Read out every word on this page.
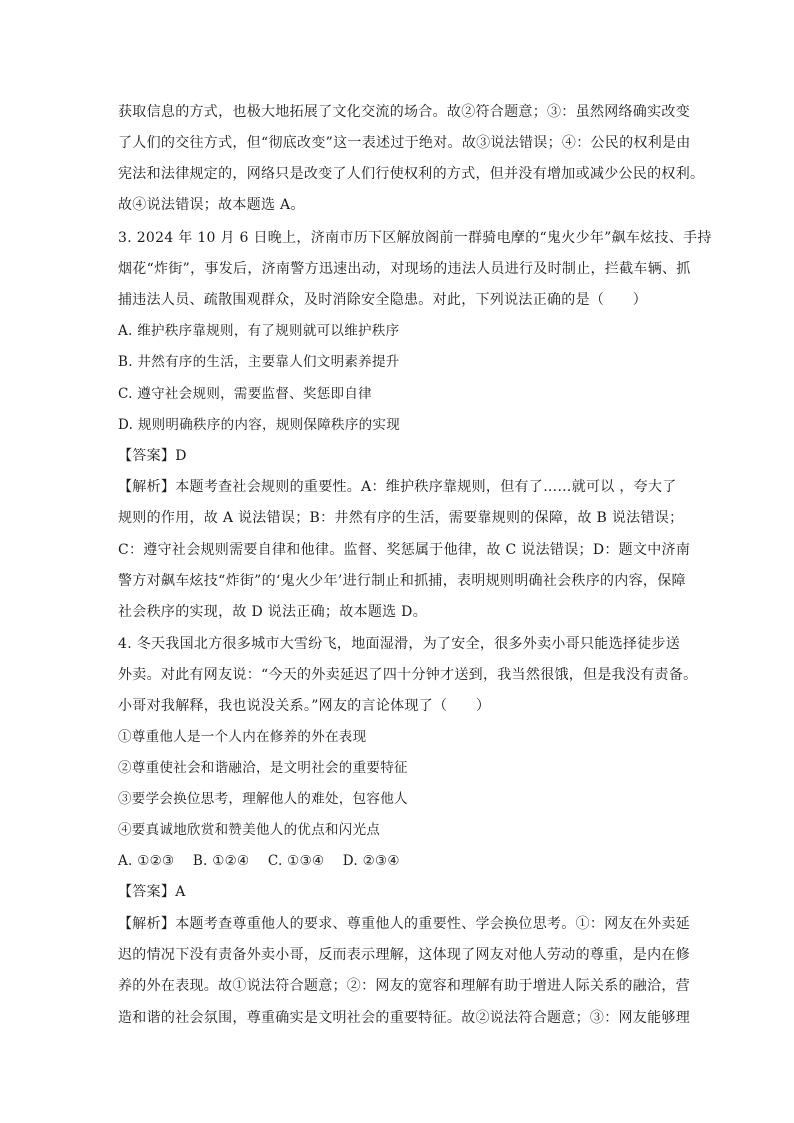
获取信息的方式，也极大地拓展了文化交流的场合。故②符合题意；③：虽然网络确实改变
了人们的交往方式，但“彻底改变”这一表述过于绝对。故③说法错误；④：公民的权利是由
宪法和法律规定的，网络只是改变了人们行使权利的方式，但并没有增加或减少公民的权利。
故④说法错误；故本题选 A。
3. 2024 年 10 月 6 日晚上，济南市历下区解放阁前一群骑电摩的“鬼火少年”飙车炫技、手持
烟花“炸街”，事发后，济南警方迅速出动，对现场的违法人员进行及时制止，拦截车辆、抓
捕违法人员、疏散围观群众，及时消除安全隐患。对此，下列说法正确的是（　　）
A. 维护秩序靠规则，有了规则就可以维护秩序
B. 井然有序的生活，主要靠人们文明素养提升
C. 遵守社会规则，需要监督、奖惩即自律
D. 规则明确秩序的内容，规则保障秩序的实现
【答案】D
【解析】本题考查社会规则的重要性。A：维护秩序靠规则，但有了……就可以 ，夸大了
规则的作用，故 A 说法错误；B：井然有序的生活，需要靠规则的保障，故 B 说法错误；
C：遵守社会规则需要自律和他律。监督、奖惩属于他律，故 C 说法错误；D：题文中济南
警方对飙车炫技“炸街”的‘鬼火少年’进行制止和抓捕，表明规则明确社会秩序的内容，保障
社会秩序的实现，故 D 说法正确；故本题选 D。
4. 冬天我国北方很多城市大雪纷飞，地面湿滑，为了安全，很多外卖小哥只能选择徒步送
外卖。对此有网友说：“今天的外卖延迟了四十分钟才送到，我当然很饿，但是我没有责备。
小哥对我解释，我也说没关系。”网友的言论体现了（　　）
①尊重他人是一个人内在修养的外在表现
②尊重使社会和谐融洽，是文明社会的重要特征
③要学会换位思考，理解他人的难处，包容他人
④要真诚地欣赏和赞美他人的优点和闪光点
A. ①②③　 B. ①②④　 C. ①③④　 D. ②③④
【答案】A
【解析】本题考查尊重他人的要求、尊重他人的重要性、学会换位思考。①：网友在外卖延
迟的情况下没有责备外卖小哥，反而表示理解，这体现了网友对他人劳动的尊重，是内在修
养的外在表现。故①说法符合题意；②：网友的宽容和理解有助于增进人际关系的融洽，营
造和谐的社会氛围，尊重确实是文明社会的重要特征。故②说法符合题意；③：网友能够理
